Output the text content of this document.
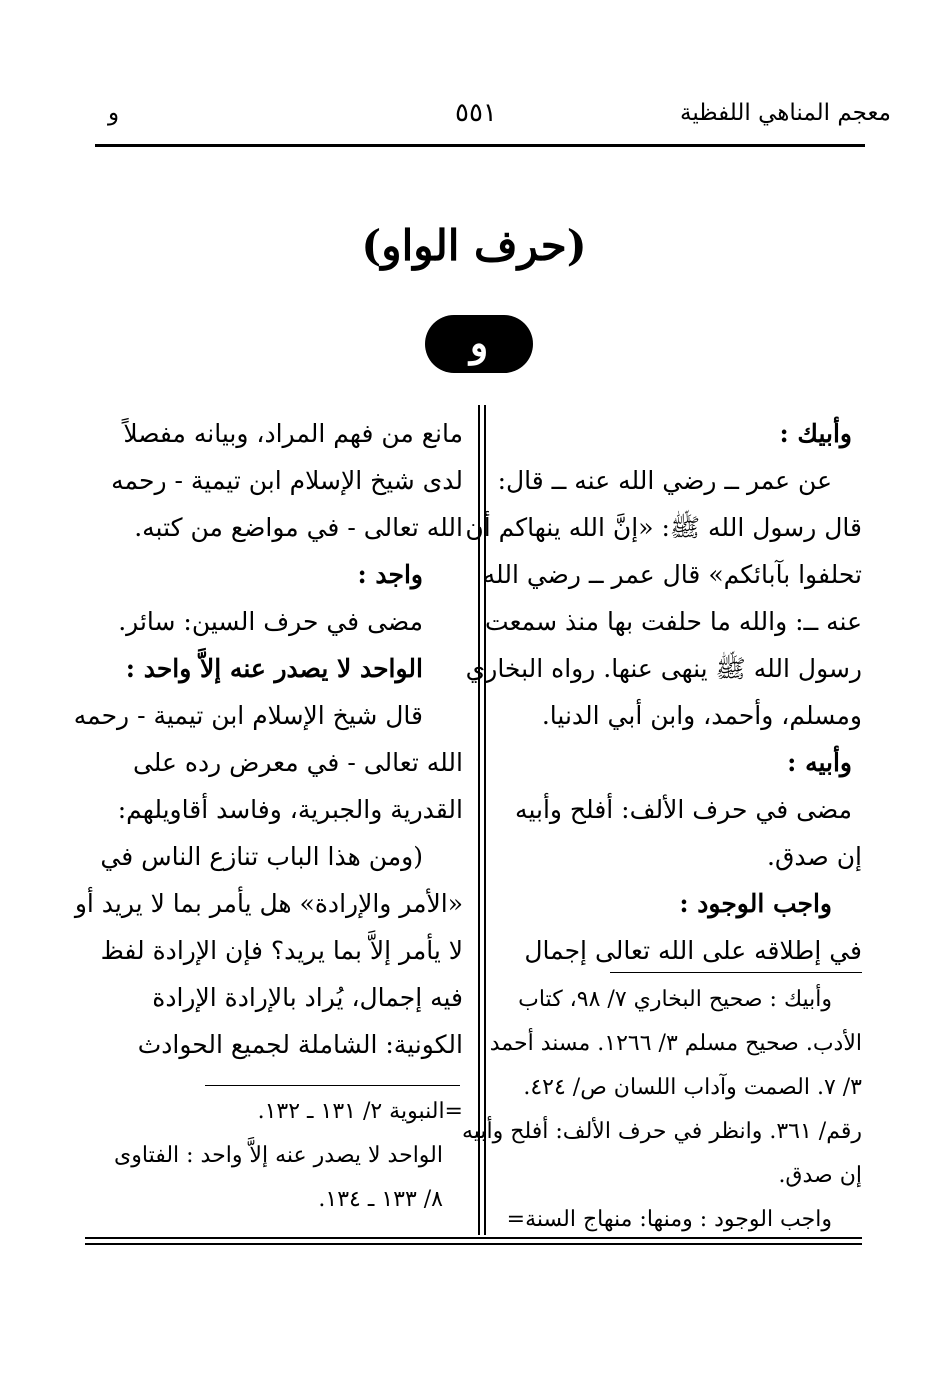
معجم المناهي اللفظية
٥٥١
و
(حرف الواو)
و
وأبيك :
عن عمر ــ رضي الله عنه ــ قال:
قال رسول الله ﷺ: «إنَّ الله ينهاكم أن
تحلفوا بآبائكم» قال عمر ــ رضي الله
عنه ــ: والله ما حلفت بها منذ سمعت
رسول الله ﷺ ينهى عنها. رواه البخاري
ومسلم، وأحمد، وابن أبي الدنيا.
وأبيه :
مضى في حرف الألف: أفلح وأبيه
إن صدق.
واجب الوجود :
في إطلاقه على الله تعالى إجمال
وأبيك : صحيح البخاري ٧/ ٩٨، كتاب
الأدب. صحيح مسلم ٣/ ١٢٦٦. مسند أحمد
٣/ ٧. الصمت وآداب اللسان ص/ ٤٢٤.
رقم/ ٣٦١. وانظر في حرف الألف: أفلح وأبيه
إن صدق.
واجب الوجود : ومنها: منهاج السنة=
مانع من فهم المراد، وبيانه مفصلاً
لدى شيخ الإسلام ابن تيمية - رحمه
الله تعالى - في مواضع من كتبه.
واجد :
مضى في حرف السين: سائر.
الواحد لا يصدر عنه إلاَّ واحد :
قال شيخ الإسلام ابن تيمية - رحمه
الله تعالى - في معرض رده على
القدرية والجبرية، وفاسد أقاويلهم:
(ومن هذا الباب تنازع الناس في
«الأمر والإرادة» هل يأمر بما لا يريد أو
لا يأمر إلاَّ بما يريد؟ فإن الإرادة لفظ
فيه إجمال، يُراد بالإرادة الإرادة
الكونية: الشاملة لجميع الحوادث
=النبوية ٢/ ١٣١ ـ ١٣٢.
الواحد لا يصدر عنه إلاَّ واحد : الفتاوى
٨/ ١٣٣ ـ ١٣٤.
